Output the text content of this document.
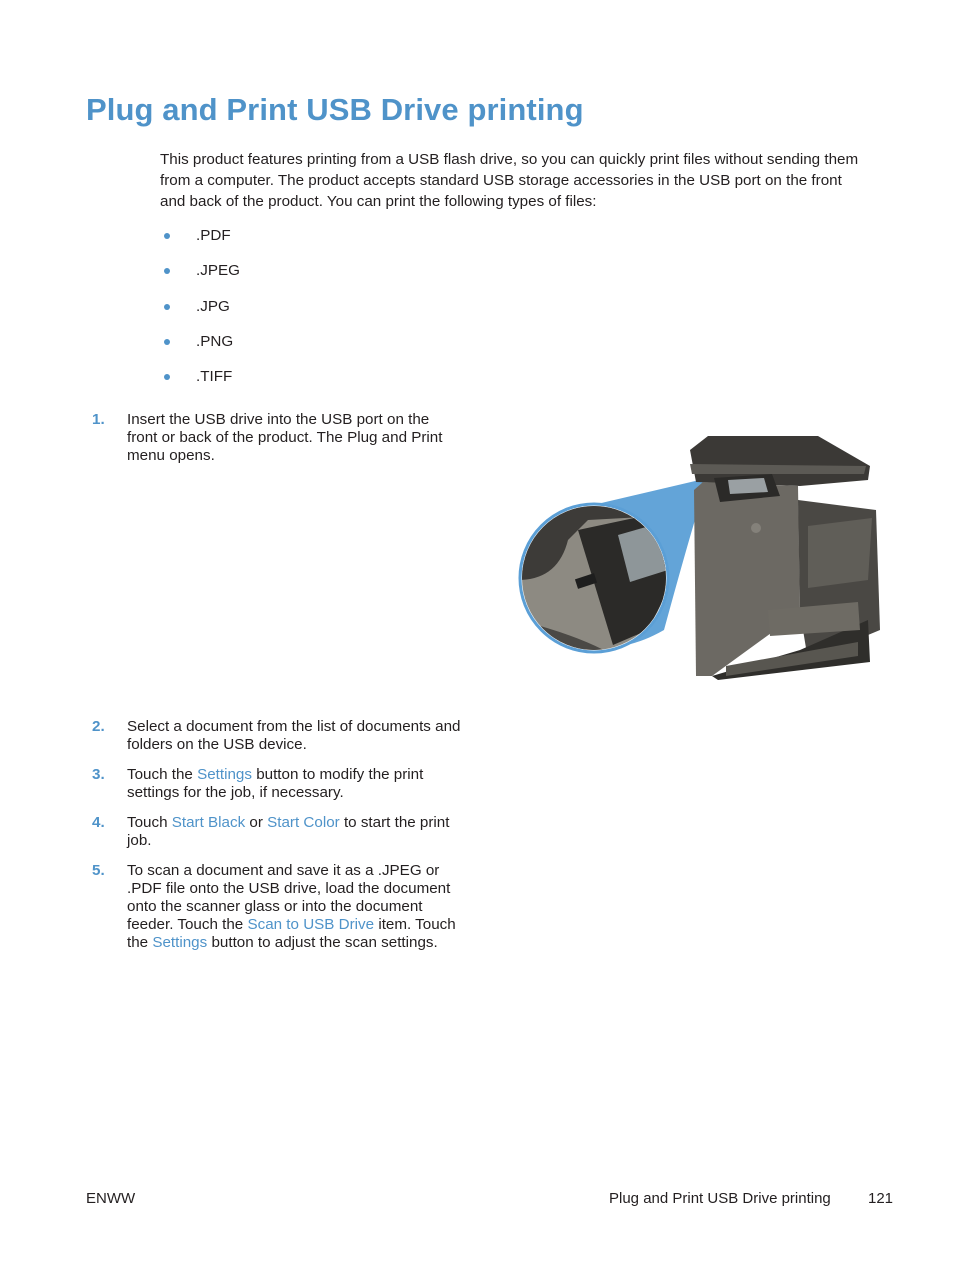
Plug and Print USB Drive printing

This product features printing from a USB flash drive, so you can quickly print files without sending them from a computer. The product accepts standard USB storage accessories in the USB port on the front and back of the product. You can print the following types of files:

.PDF
.JPEG
.JPG
.PNG
.TIFF
1. Insert the USB drive into the USB port on the front or back of the product. The Plug and Print menu opens.
2. Select a document from the list of documents and folders on the USB device.
3. Touch the Settings button to modify the print settings for the job, if necessary.
4. Touch Start Black or Start Color to start the print job.
5. To scan a document and save it as a .JPEG or .PDF file onto the USB drive, load the document onto the scanner glass or into the document feeder. Touch the Scan to USB Drive item. Touch the Settings button to adjust the scan settings.
ENWW	Plug and Print USB Drive printing 121
